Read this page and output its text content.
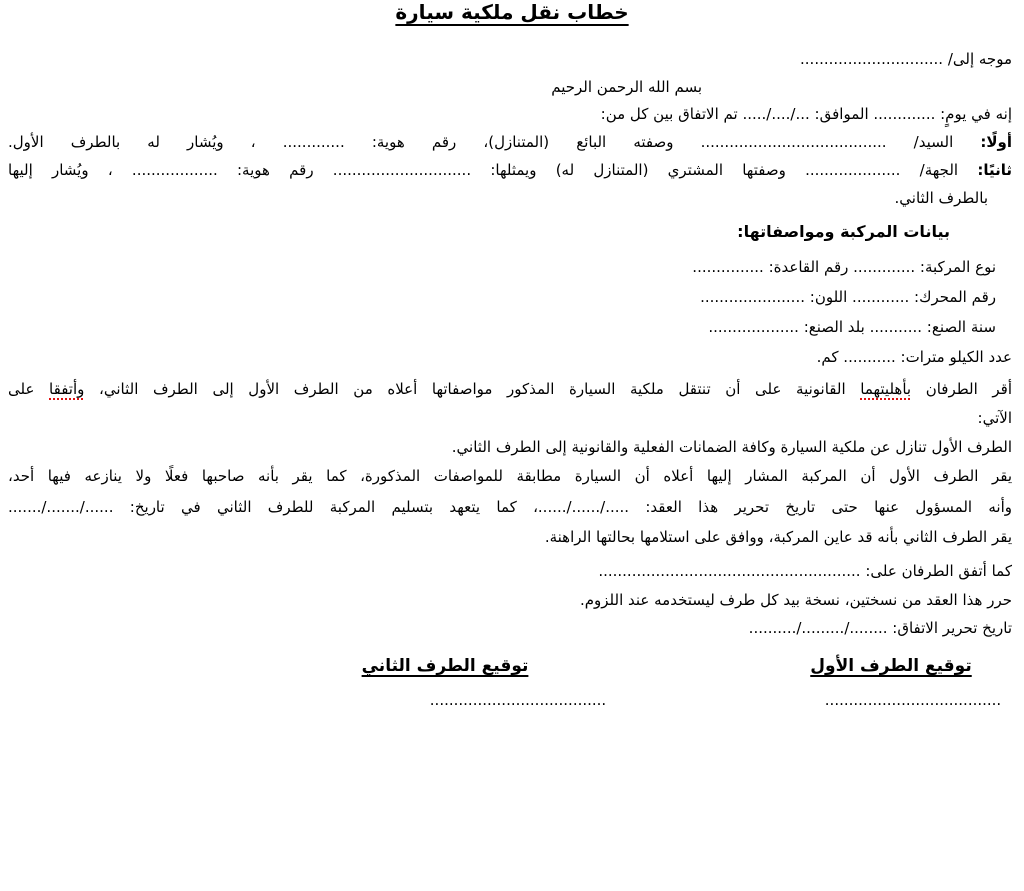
خطاب نقل ملكية سيارة
موجه إلى/ ..............................
بسم الله الرحمن الرحيم
إنه في يومٍ: ............. الموافق: .../..../..... تم الاتفاق بين كل من:
أولًا: السيد/ ....................................... وصفته البائع (المتنازل)، رقم هوية: ............. ، ويُشار له بالطرف الأول.
ثانيًا: الجهة/ .................... وصفتها المشتري (المتنازل له) ويمثلها: ............................. رقم هوية: .................. ، ويُشار إليها
بالطرف الثاني.
بيانات المركبة ومواصفاتها:
نوع المركبة: ............. رقم القاعدة: ...............
رقم المحرك: ............ اللون: ......................
سنة الصنع: ........... بلد الصنع: ...................
عدد الكيلو مترات: ........... كم.
أقر الطرفان بأهليتهما القانونية على أن تنتقل ملكية السيارة المذكور مواصفاتها أعلاه من الطرف الأول إلى الطرف الثاني، وأتفقا على
الآتي:
الطرف الأول تنازل عن ملكية السيارة وكافة الضمانات الفعلية والقانونية إلى الطرف الثاني.
يقر الطرف الأول أن المركبة المشار إليها أعلاه أن السيارة مطابقة للمواصفات المذكورة، كما يقر بأنه صاحبها فعلًا ولا ينازعه فيها أحد،
وأنه المسؤول عنها حتى تاريخ تحرير هذا العقد: ...../....../......، كما يتعهد بتسليم المركبة للطرف الثاني في تاريخ: ....../......./.......
يقر الطرف الثاني بأنه قد عاين المركبة، ووافق على استلامها بحالتها الراهنة.
كما أتفق الطرفان على: .......................................................
حرر هذا العقد من نسختين، نسخة بيد كل طرف ليستخدمه عند اللزوم.
تاريخ تحرير الاتفاق: ......../........./..........
توقيع الطرف الأول
توقيع الطرف الثاني
.....................................
.....................................
